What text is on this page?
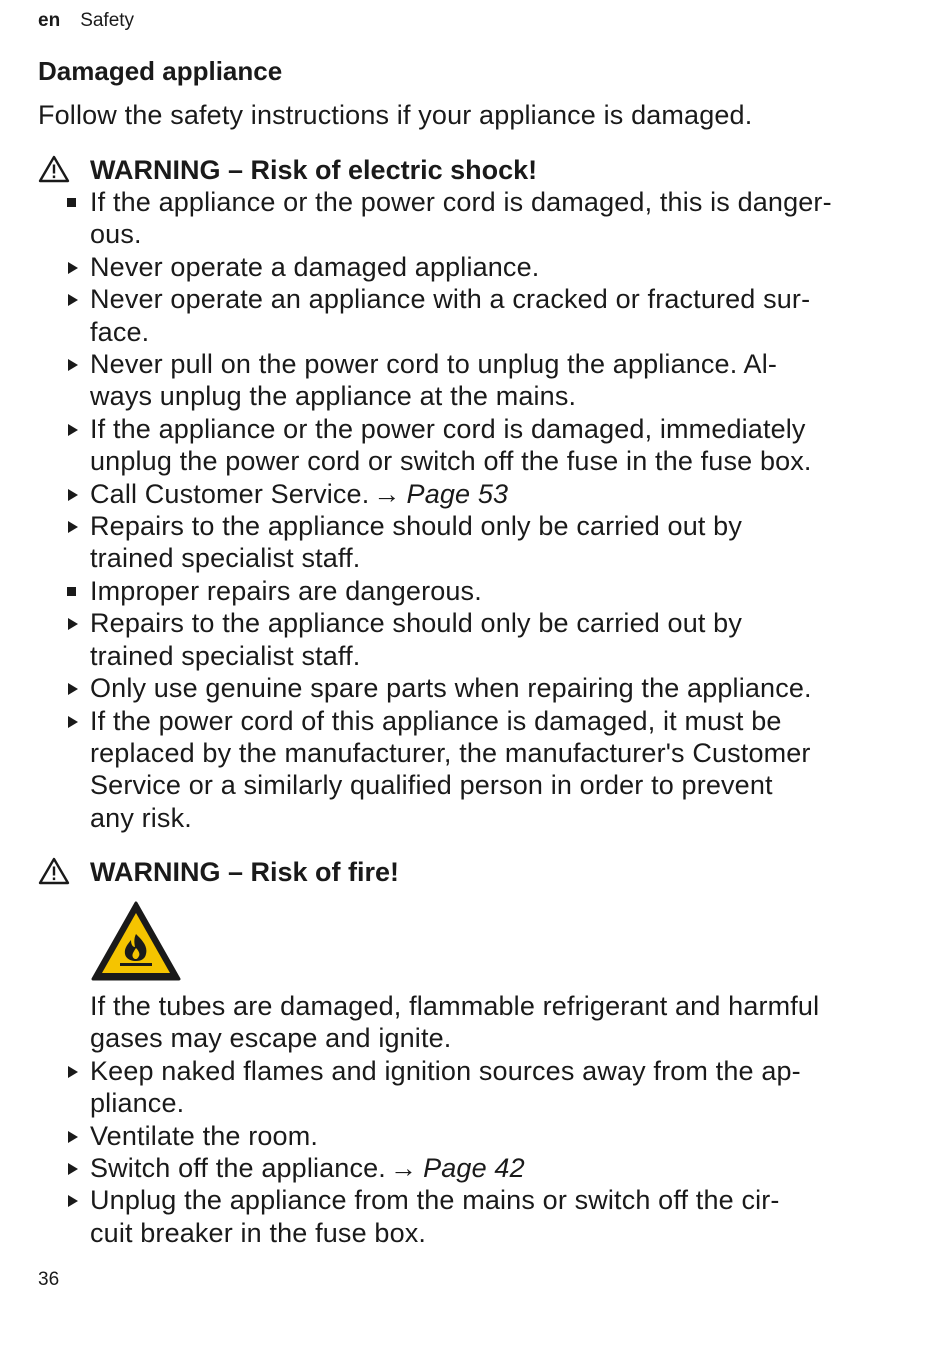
en Safety
Damaged appliance

Follow the safety instructions if your appliance is damaged.

WARNING – Risk of electric shock!
If the appliance or the power cord is damaged, this is danger-
ous.
Never operate a damaged appliance.
Never operate an appliance with a cracked or fractured sur-
face.
Never pull on the power cord to unplug the appliance. Al-
ways unplug the appliance at the mains.
If the appliance or the power cord is damaged, immediately
unplug the power cord or switch off the fuse in the fuse box.
Call Customer Service. → Page 53
Repairs to the appliance should only be carried out by
trained specialist staff.
Improper repairs are dangerous.
Repairs to the appliance should only be carried out by
trained specialist staff.
Only use genuine spare parts when repairing the appliance.
If the power cord of this appliance is damaged, it must be
replaced by the manufacturer, the manufacturer's Customer
Service or a similarly qualified person in order to prevent
any risk.
WARNING – Risk of fire!
If the tubes are damaged, flammable refrigerant and harmful
gases may escape and ignite.
Keep naked flames and ignition sources away from the ap-
pliance.
Ventilate the room.
Switch off the appliance. → Page 42
Unplug the appliance from the mains or switch off the cir-
cuit breaker in the fuse box.
36
